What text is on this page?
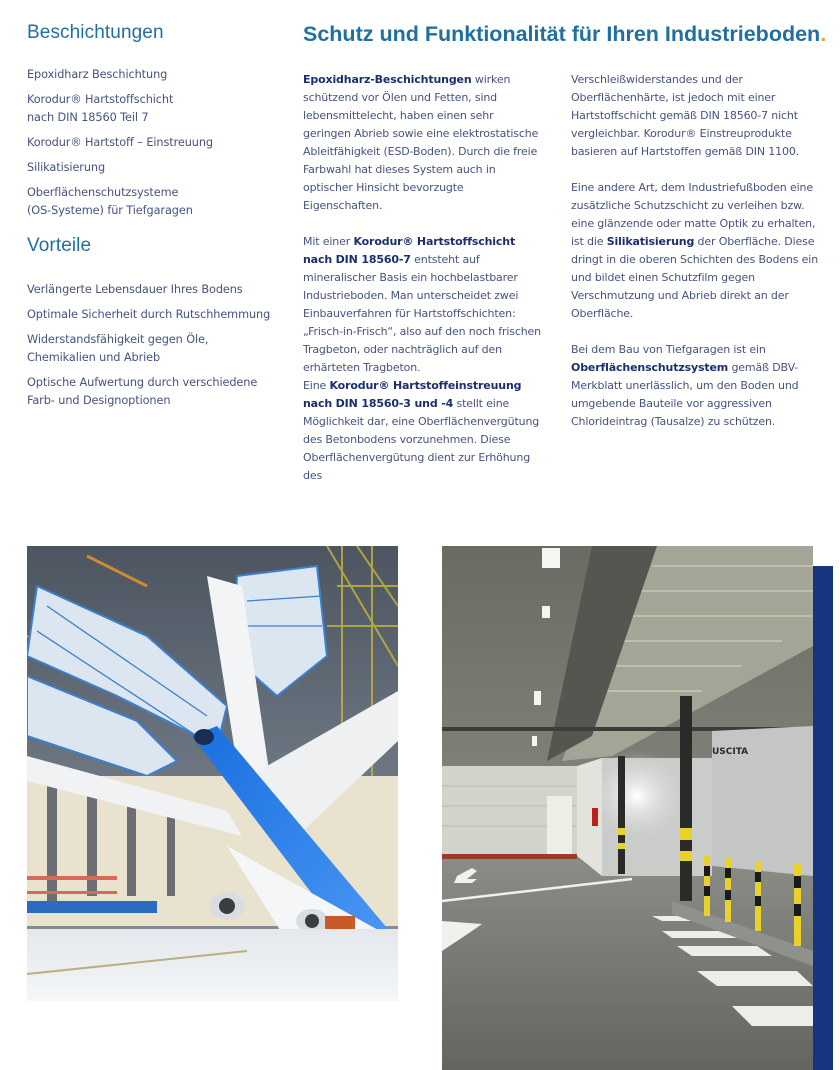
Beschichtungen
Epoxidharz Beschichtung
Korodur® Hartstoffschicht
nach DIN 18560 Teil 7
Korodur® Hartstoff – Einstreuung
Silikatisierung
Oberflächenschutzsysteme
(OS-Systeme) für Tiefgaragen
Vorteile
Verlängerte Lebensdauer Ihres Bodens
Optimale Sicherheit durch Rutschhemmung
Widerstandsfähigkeit gegen Öle,
Chemikalien und Abrieb
Optische Aufwertung durch verschiedene
Farb- und Designoptionen
Schutz und Funktionalität für Ihren Industrieboden.

Epoxidharz-Beschichtungen wirken schützend vor Ölen und Fetten, sind lebensmittelecht, haben einen sehr geringen Abrieb sowie eine elektrostatische Ableitfähigkeit (ESD-Boden). Durch die freie Farbwahl hat dieses System auch in optischer Hinsicht bevorzugte Eigenschaften.

Mit einer Korodur® Hartstoffschicht nach DIN 18560-7 entsteht auf mineralischer Basis ein hochbelastbarer Industrieboden. Man unterscheidet zwei Einbauverfahren für Hartstoffschichten: „Frisch-in-Frisch“, also auf den noch frischen Tragbeton, oder nachträglich auf den erhärteten Tragbeton.

Eine Korodur® Hartstoffeinstreuung nach DIN 18560-3 und -4 stellt eine Möglichkeit dar, eine Oberflächenvergütung des Betonbodens vorzunehmen. Diese Oberflächenvergütung dient zur Erhöhung des

Verschleißwiderstandes und der Oberflächenhärte, ist jedoch mit einer Hartstoffschicht gemäß DIN 18560-7 nicht vergleichbar. Korodur® Einstreuprodukte basieren auf Hartstoffen gemäß DIN 1100.

Eine andere Art, dem Industriefußboden eine zusätzliche Schutzschicht zu verleihen bzw. eine glänzende oder matte Optik zu erhalten, ist die Silikatisierung der Oberfläche. Diese dringt in die oberen Schichten des Bodens ein und bildet einen Schutzfilm gegen Verschmutzung und Abrieb direkt an der Oberfläche.

Bei dem Bau von Tiefgaragen ist ein Oberflächenschutzsystem gemäß DBV-Merkblatt unerlässlich, um den Boden und umgebende Bauteile vor aggressiven Chlorideintrag (Tausalze) zu schützen.

USCITA
